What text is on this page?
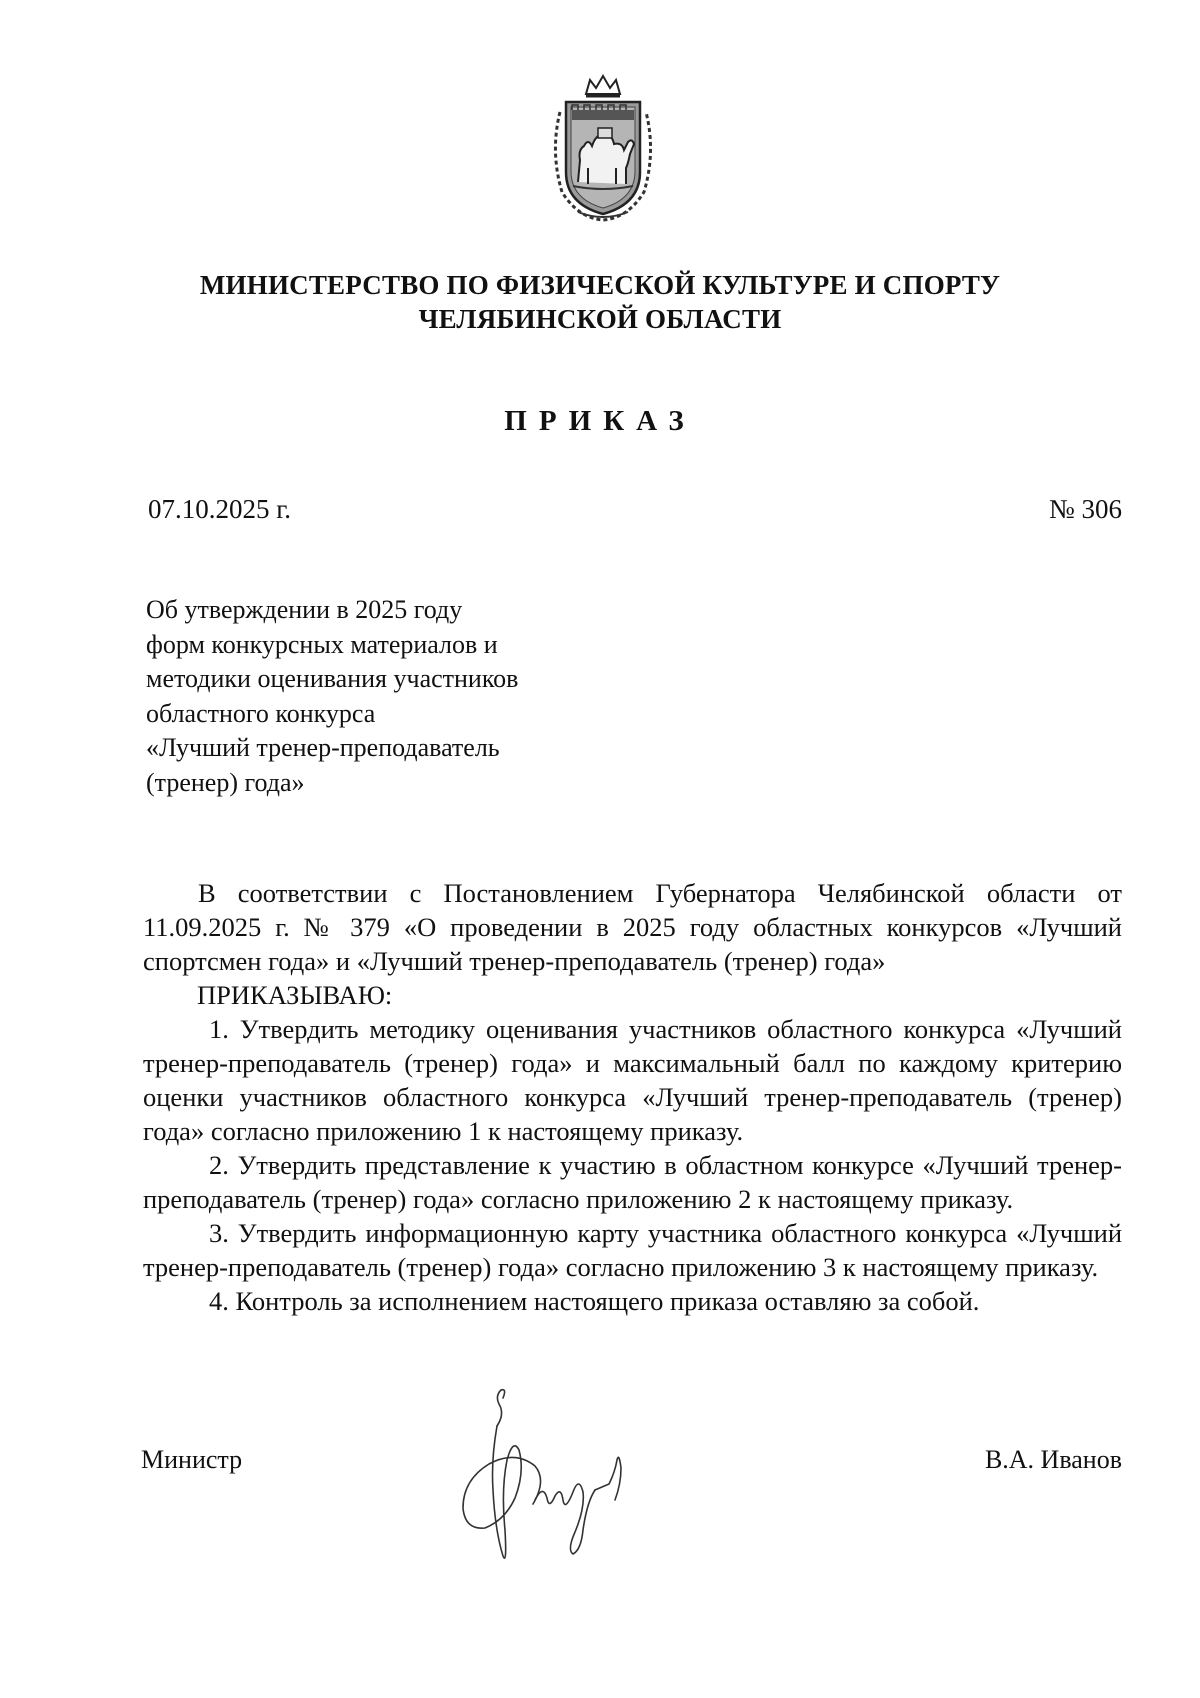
МИНИСТЕРСТВО ПО ФИЗИЧЕСКОЙ КУЛЬТУРЕ И СПОРТУ
ЧЕЛЯБИНСКОЙ ОБЛАСТИ
ПРИКАЗ
07.10.2025 г.	№ 306
Об утверждении в 2025 году
форм конкурсных материалов и
методики оценивания участников
областного конкурса
«Лучший тренер-преподаватель
(тренер) года»

В соответствии с Постановлением Губернатора Челябинской области от 11.09.2025 г. № 379 «О проведении в 2025 году областных конкурсов «Лучший спортсмен года» и «Лучший тренер-преподаватель (тренер) года»

ПРИКАЗЫВАЮ:

1. Утвердить методику оценивания участников областного конкурса «Лучший тренер-преподаватель (тренер) года» и максимальный балл по каждому критерию оценки участников областного конкурса «Лучший тренер-преподаватель (тренер) года» согласно приложению 1 к настоящему приказу.

2. Утвердить представление к участию в областном конкурсе «Лучший тренер-преподаватель (тренер) года» согласно приложению 2 к настоящему приказу.

3. Утвердить информационную карту участника областного конкурса «Лучший тренер-преподаватель (тренер) года» согласно приложению 3 к настоящему приказу.

4. Контроль за исполнением настоящего приказа оставляю за собой.

Министр	В.А. Иванов
